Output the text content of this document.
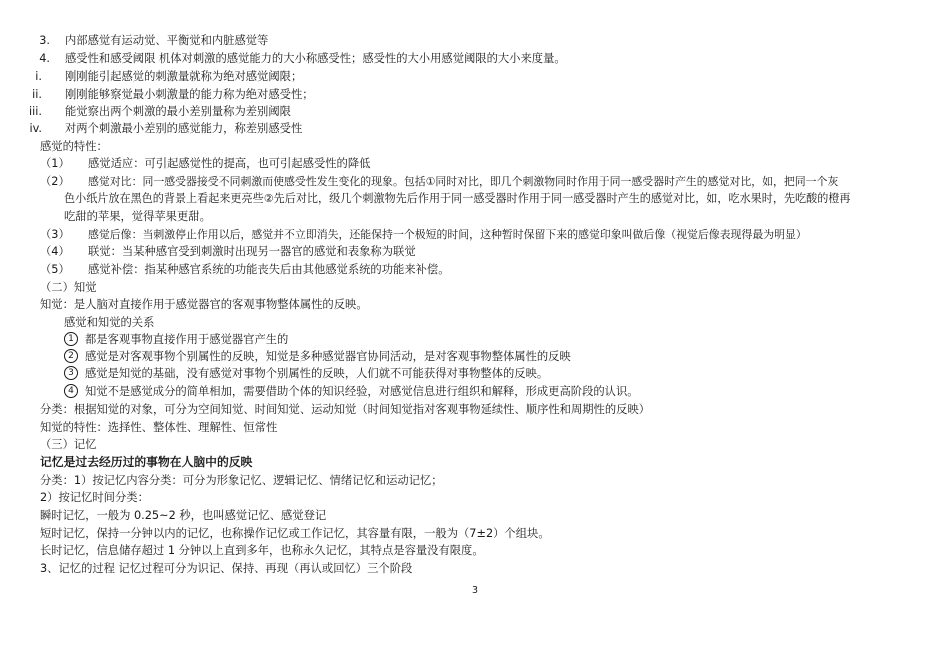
3. 内部感觉有运动觉、平衡觉和内脏感觉等
4. 感受性和感受阈限 机体对刺激的感觉能力的大小称感受性；感受性的大小用感觉阈限的大小来度量。
i. 刚刚能引起感觉的刺激量就称为绝对感觉阈限；
ii. 刚刚能够察觉最小刺激量的能力称为绝对感受性；
iii. 能觉察出两个刺激的最小差别量称为差别阈限
iv. 对两个刺激最小差别的感觉能力，称差别感受性
感觉的特性：
（1） 感觉适应：可引起感觉性的提高，也可引起感受性的降低
（2） 感觉对比：同一感受器接受不同刺激而使感受性发生变化的现象。包括①同时对比，即几个刺激物同时作用于同一感受器时产生的感觉对比，如，把同一个灰
色小纸片放在黑色的背景上看起来更亮些②先后对比，级几个刺激物先后作用于同一感受器时作用于同一感受器时产生的感觉对比，如，吃水果时，先吃酸的橙再
吃甜的苹果，觉得苹果更甜。
（3） 感觉后像：当刺激停止作用以后，感觉并不立即消失，还能保持一个极短的时间，这种暂时保留下来的感觉印象叫做后像（视觉后像表现得最为明显）
（4） 联觉：当某种感官受到刺激时出现另一器官的感觉和表象称为联觉
（5） 感觉补偿：指某种感官系统的功能丧失后由其他感觉系统的功能来补偿。
（二）知觉
知觉：是人脑对直接作用于感觉器官的客观事物整体属性的反映。
感觉和知觉的关系
1 都是客观事物直接作用于感觉器官产生的
2 感觉是对客观事物个别属性的反映，知觉是多种感觉器官协同活动，是对客观事物整体属性的反映
3 感觉是知觉的基础，没有感觉对事物个别属性的反映，人们就不可能获得对事物整体的反映。
4 知觉不是感觉成分的简单相加，需要借助个体的知识经验，对感觉信息进行组织和解释，形成更高阶段的认识。
分类：根据知觉的对象，可分为空间知觉、时间知觉、运动知觉（时间知觉指对客观事物延续性、顺序性和周期性的反映）
知觉的特性：选择性、整体性、理解性、恒常性
（三）记忆
记忆是过去经历过的事物在人脑中的反映
分类：1）按记忆内容分类：可分为形象记忆、逻辑记忆、情绪记忆和运动记忆；
2）按记忆时间分类：
瞬时记忆，一般为 0.25~2 秒，也叫感觉记忆、感觉登记
短时记忆，保持一分钟以内的记忆，也称操作记忆或工作记忆，其容量有限，一般为（7±2）个组块。
长时记忆，信息储存超过 1 分钟以上直到多年，也称永久记忆，其特点是容量没有限度。
3、记忆的过程 记忆过程可分为识记、保持、再现（再认或回忆）三个阶段
3
